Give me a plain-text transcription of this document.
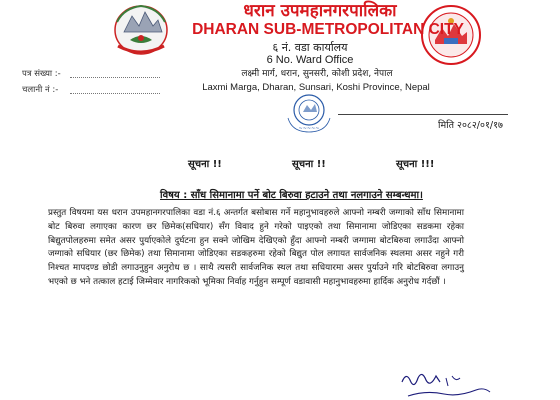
धरान उपमहानगरपालिका
DHARAN SUB-METROPOLITAN CITY
६ नं. वडा कार्यालय
6 No. Ward Office
लक्ष्मी मार्ग, धरान, सुनसरी, कोशी प्रदेश, नेपाल
Laxmi Marga, Dharan, Sunsari, Koshi Province, Nepal
पत्र संख्या :-
चलानी नं :-
~~~~~	मिति २०८२/०१/१७
सूचना !!	सूचना !!	सूचना !!!
विषय : साँध सिमानामा पर्ने बोट बिरुवा हटाउने तथा नलगाउने सम्बन्धमा।
प्रस्तुत विषयमा यस धरान उपमहानगरपालिका वडा नं.६ अन्तर्गत बसोबास गर्ने महानुभावहरुले आफ्नो नम्बरी जग्गाको साँध सिमानामा बोट बिरुवा लगाएका कारण छर छिमेक(सधियार) सँग विवाद हुने गरेको पाइएको तथा सिमानामा जोडिएका सडकमा रहेका बिद्युतपोलहरुमा समेत असर पुर्याएकोले दुर्घटना हुन सक्ने जोखिम देखिएको हुँदा आफ्नो नम्बरी जग्गामा बोटबिरुवा लगाउँदा आफ्नो जग्गाको सधियार (छर छिमेक) तथा सिमानामा जोडिएका सडकहरुमा रहेको बिद्युत पोल लगायत सार्वजनिक स्थलमा असर नहुने गरी निश्चत मापदण्ड छोडी लगाउनुहुन अनुरोध छ । साथै त्यसरी सार्वजनिक स्थल तथा सधियारमा असर पुर्याउने गरि बोटबिरुवा लगाउनु भएको छ भने तत्काल हटाई जिम्मेवार नागरिकको भूमिका निर्वाह गर्नुहुन सम्पूर्ण वडावासी महानुभावहरुमा हार्दिक अनुरोध गर्दछौं ।
